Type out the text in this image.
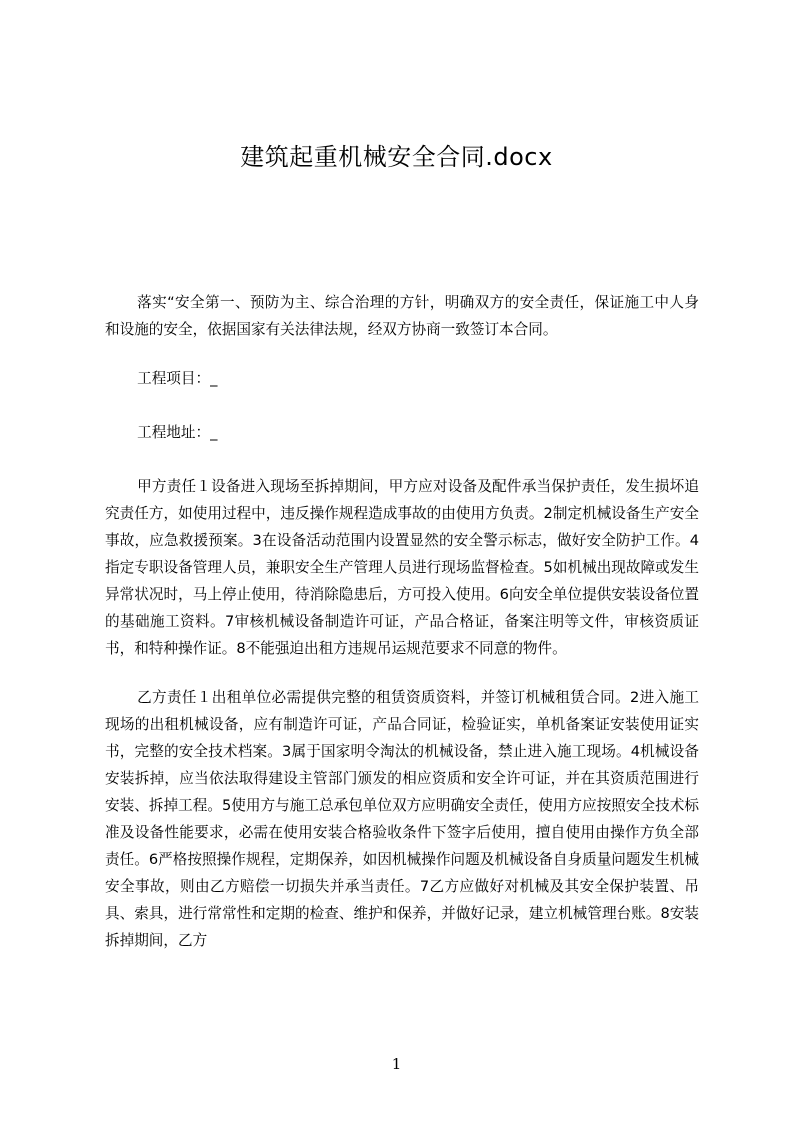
建筑起重机械安全合同.docx

落实“安全第一、预防为主、综合治理的方针，明确双方的安全责任，保证施工中人身和设施的安全，依据国家有关法律法规，经双方协商一致签订本合同。

工程项目：_

工程地址：_

甲方责任１设备进入现场至拆掉期间，甲方应对设备及配件承当保护责任，发生损坏追究责任方，如使用过程中，违反操作规程造成事故的由使用方负责。2制定机械设备生产安全事故，应急救援预案。3在设备活动范围内设置显然的安全警示标志，做好安全防护工作。4指定专职设备管理人员，兼职安全生产管理人员进行现场监督检查。5如机械出现故障或发生异常状况时，马上停止使用，待消除隐患后，方可投入使用。6向安全单位提供安装设备位置的基础施工资料。7审核机械设备制造许可证，产品合格证，备案注明等文件，审核资质证书，和特种操作证。8不能强迫出租方违规吊运规范要求不同意的物件。

乙方责任１出租单位必需提供完整的租赁资质资料，并签订机械租赁合同。2进入施工现场的出租机械设备，应有制造许可证，产品合同证，检验证实，单机备案证安装使用证实书，完整的安全技术档案。3属于国家明令淘汰的机械设备，禁止进入施工现场。4机械设备安装拆掉，应当依法取得建设主管部门颁发的相应资质和安全许可证，并在其资质范围进行安装、拆掉工程。5使用方与施工总承包单位双方应明确安全责任，使用方应按照安全技术标准及设备性能要求，必需在使用安装合格验收条件下签字后使用，擅自使用由操作方负全部责任。6严格按照操作规程，定期保养，如因机械操作问题及机械设备自身质量问题发生机械安全事故，则由乙方赔偿一切损失并承当责任。7乙方应做好对机械及其安全保护装置、吊具、索具，进行常常性和定期的检查、维护和保养，并做好记录，建立机械管理台账。8安装拆掉期间，乙方

1
